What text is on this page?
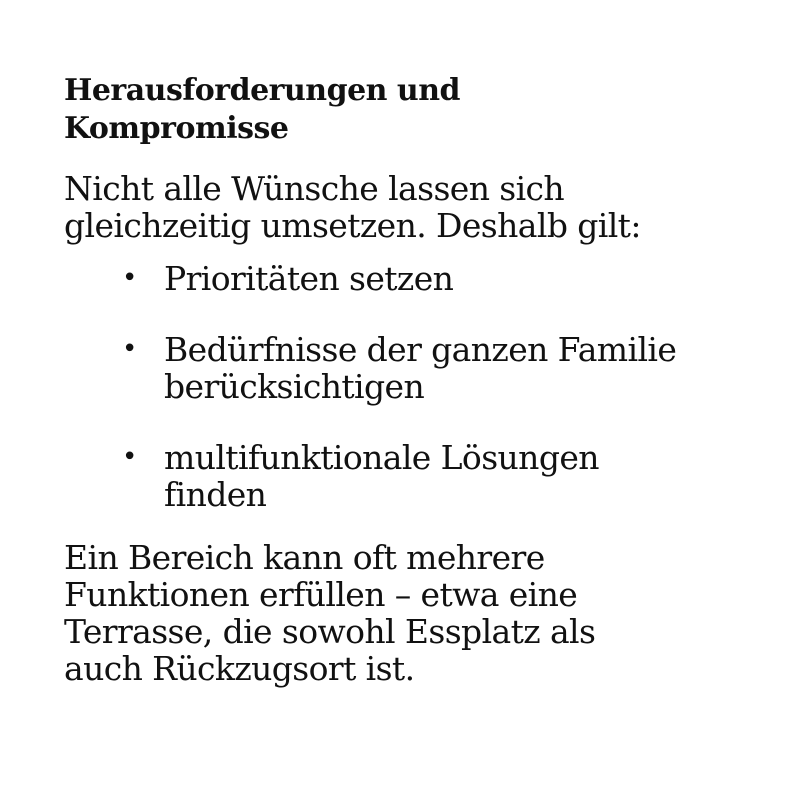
Herausforderungen und
Kompromisse

Nicht alle Wünsche lassen sich
gleichzeitig umsetzen. Deshalb gilt:

• Prioritäten setzen
• Bedürfnisse der ganzen Familie
berücksichtigen
• multifunktionale Lösungen
finden

Ein Bereich kann oft mehrere
Funktionen erfüllen – etwa eine
Terrasse, die sowohl Essplatz als
auch Rückzugsort ist.
